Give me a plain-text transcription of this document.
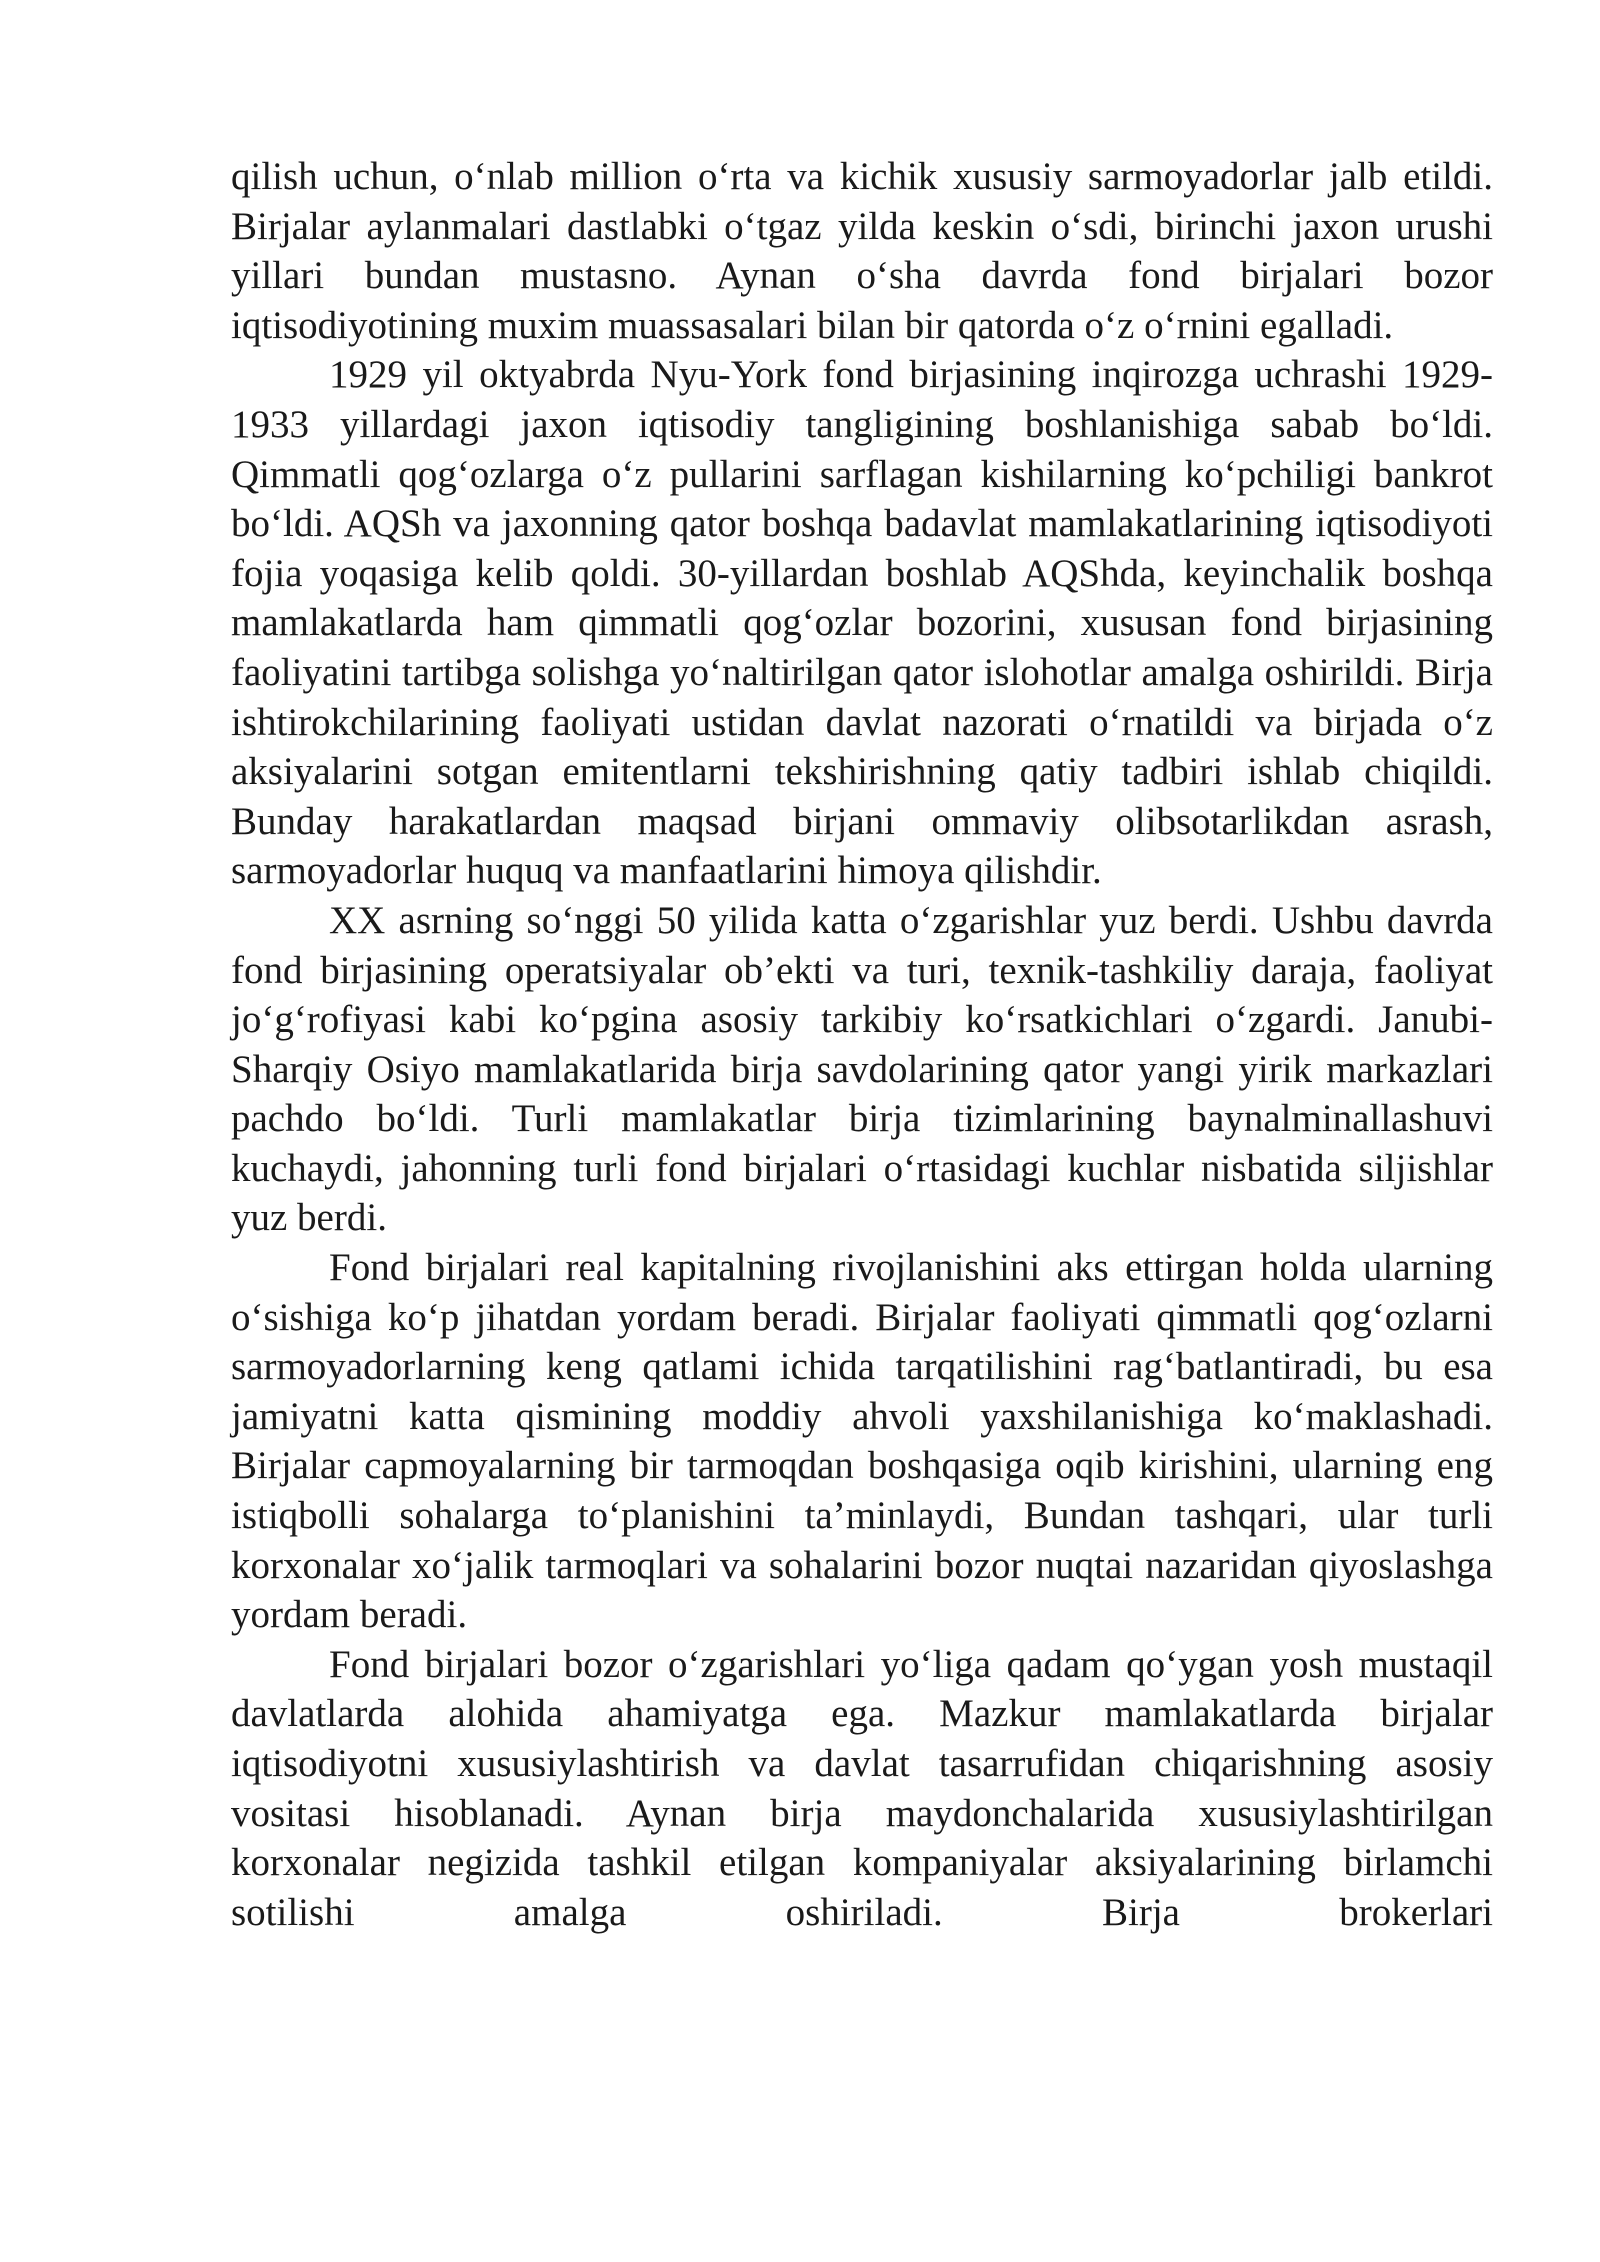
qilish uchun, o‘nlab million o‘rta va kichik xususiy sarmoyadorlar jalb etildi. Birjalar aylanmalari dastlabki o‘tgaz yilda keskin o‘sdi, birinchi jaxon urushi yillari bundan mustasno. Aynan o‘sha davrda fond birjalari bozor iqtisodiyotining muxim muassasalari bilan bir qatorda o‘z o‘rnini egalladi.

1929 yil oktyabrda Nyu-York fond birjasining inqirozga uchrashi 1929-1933 yillardagi jaxon iqtisodiy tangligining boshlanishiga sabab bo‘ldi. Qimmatli qog‘ozlarga o‘z pullarini sarflagan kishilarning ko‘pchiligi bankrot bo‘ldi. AQSh va jaxonning qator boshqa badavlat mamlakatlarining iqtisodiyoti fojia yoqasiga kelib qoldi. 30-yillardan boshlab AQShda, keyinchalik boshqa mamlakatlarda ham qimmatli qog‘ozlar bozorini, xususan fond birjasining faoliyatini tartibga solishga yo‘naltirilgan qator islohotlar amalga oshirildi. Birja ishtirokchilarining faoliyati ustidan davlat nazorati o‘rnatildi va birjada o‘z aksiyalarini sotgan emitentlarni tekshirishning qatiy tadbiri ishlab chiqildi. Bunday harakatlardan maqsad birjani ommaviy olibsotarlikdan asrash, sarmoyadorlar huquq va manfaatlarini himoya qilishdir.

XX asrning so‘nggi 50 yilida katta o‘zgarishlar yuz berdi. Ushbu davrda fond birjasining operatsiyalar ob’ekti va turi, texnik-tashkiliy daraja, faoliyat jo‘g‘rofiyasi kabi ko‘pgina asosiy tarkibiy ko‘rsatkichlari o‘zgardi. Janubi-Sharqiy Osiyo mamlakatlarida birja savdolarining qator yangi yirik markazlari pachdo bo‘ldi. Turli mamlakatlar birja tizimlarining baynalminallashuvi kuchaydi, jahonning turli fond birjalari o‘rtasidagi kuchlar nisbatida siljishlar yuz berdi.

Fond birjalari real kapitalning rivojlanishini aks ettirgan holda ularning o‘sishiga ko‘p jihatdan yordam beradi. Birjalar faoliyati qimmatli qog‘ozlarni sarmoyadorlarning keng qatlami ichida tarqatilishini rag‘batlantiradi, bu esa jamiyatni katta qismining moddiy ahvoli yaxshilanishiga ko‘maklashadi. Birjalar capmoyalarning bir tarmoqdan boshqasiga oqib kirishini, ularning eng istiqbolli sohalarga to‘planishini ta’minlaydi, Bundan tashqari, ular turli korxonalar xo‘jalik tarmoqlari va sohalarini bozor nuqtai nazaridan qiyoslashga yordam beradi.

Fond birjalari bozor o‘zgarishlari yo‘liga qadam qo‘ygan yosh mustaqil davlatlarda alohida ahamiyatga ega. Mazkur mamlakatlarda birjalar iqtisodiyotni xususiylashtirish va davlat tasarrufidan chiqarishning asosiy vositasi hisoblanadi. Aynan birja maydonchalarida xususiylashtirilgan korxonalar negizida tashkil etilgan kompaniyalar aksiyalarining birlamchi sotilishi amalga oshiriladi. Birja brokerlari
